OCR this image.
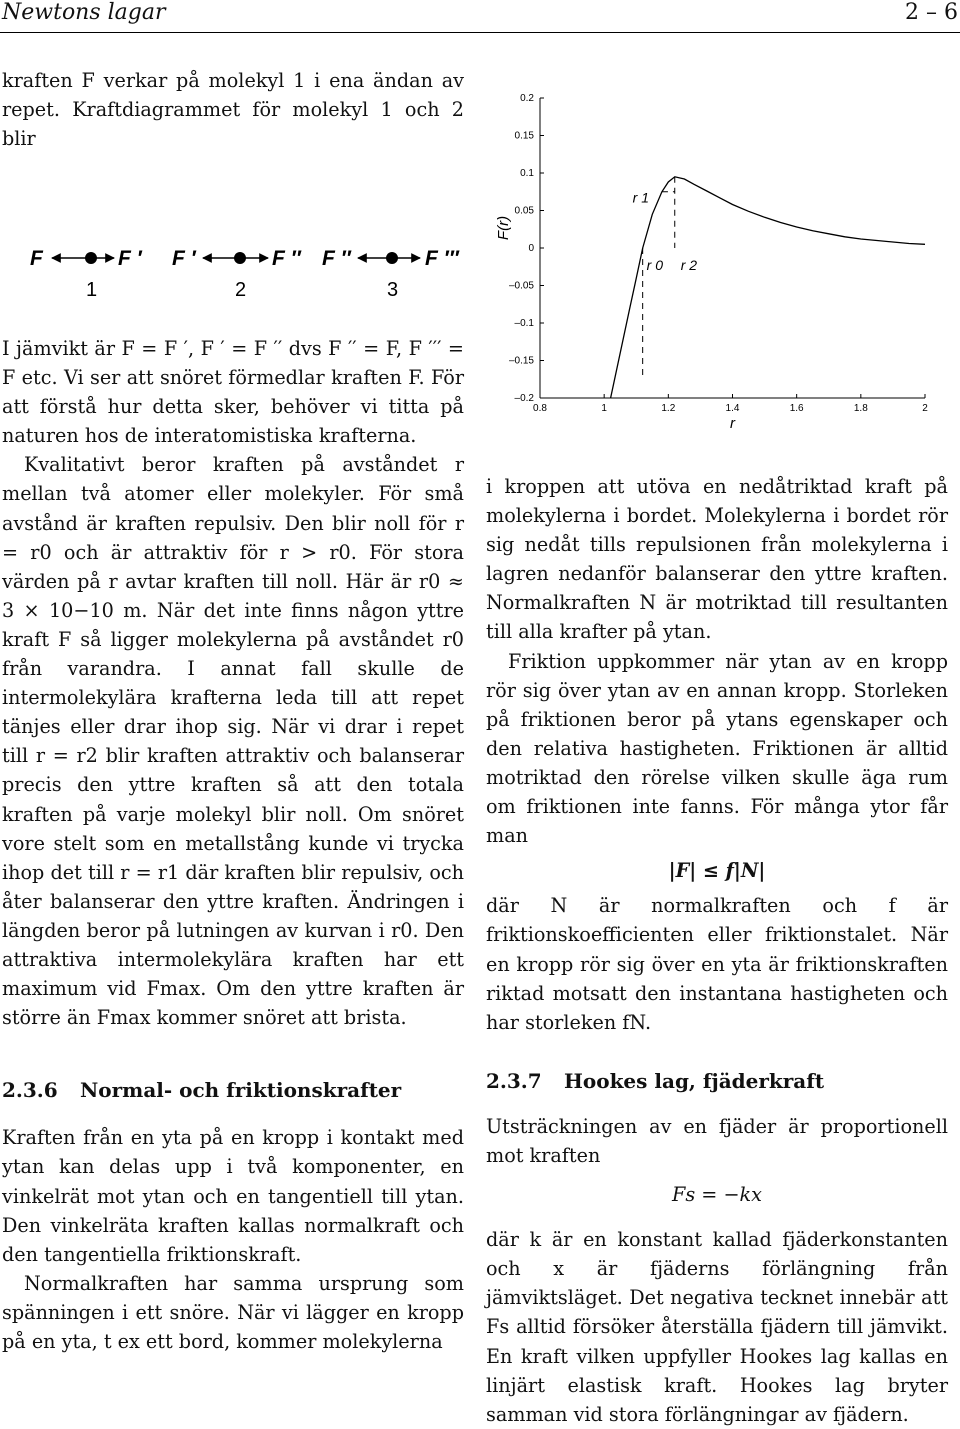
Newtons lagar	2 – 6

kraften F verkar på molekyl 1 i ena ändan av repet. Kraftdiagrammet för molekyl 1 och 2 blir

F	F ′ F ′	F ′′ F ′′	F ′′′
1	2	3

I jämvikt är F = F ′, F ′ = F ′′ dvs F ′′ = F, F ′′′ = F etc. Vi ser att snöret förmedlar kraften F. För att förstå hur detta sker, behöver vi titta på naturen hos de interatomistiska krafterna.

Kvalitativt beror kraften på avståndet r mellan två atomer eller molekyler. För små avstånd är kraften repulsiv. Den blir noll för r = r0 och är attraktiv för r > r0. För stora värden på r avtar kraften till noll. Här är r0 ≈ 3 × 10−10 m. När det inte finns någon yttre kraft F så ligger molekylerna på avståndet r0 från varandra. I annat fall skulle de intermolekylära krafterna leda till att repet tänjes eller drar ihop sig. När vi drar i repet till r = r2 blir kraften attraktiv och balanserar precis den yttre kraften så att den totala kraften på varje molekyl blir noll. Om snöret vore stelt som en metallstång kunde vi trycka ihop det till r = r1 där kraften blir repulsiv, och åter balanserar den yttre kraften. Ändringen i längden beror på lutningen av kurvan i r0. Den attraktiva intermolekylära kraften har ett maximum vid Fmax. Om den yttre kraften är större än Fmax kommer snöret att brista.

2.3.6 Normal- och friktionskrafter

Kraften från en yta på en kropp i kontakt med ytan kan delas upp i två komponenter, en vinkelrät mot ytan och en tangentiell till ytan. Den vinkelräta kraften kallas normalkraft och den tangentiella friktionskraft.

Normalkraften har samma ursprung som spänningen i ett snöre. När vi lägger en kropp på en yta, t ex ett bord, kommer molekylerna

0.2
0.15
0.1
0.05
0
–0.05
–0.1
–0.15
–0.2
0.8	1	1.2	1.4	1.6	1.8	2
r
F(r)
r 1
r 0 r 2

i kroppen att utöva en nedåtriktad kraft på molekylerna i bordet. Molekylerna i bordet rör sig nedåt tills repulsionen från molekylerna i lagren nedanför balanserar den yttre kraften. Normalkraften N är motriktad till resultanten till alla krafter på ytan.

Friktion uppkommer när ytan av en kropp rör sig över ytan av en annan kropp. Storleken på friktionen beror på ytans egenskaper och den relativa hastigheten. Friktionen är alltid motriktad den rörelse vilken skulle äga rum om friktionen inte fanns. För många ytor får man

|F| ≤ f|N|

där N är normalkraften och f är friktionskoefficienten eller friktionstalet. När en kropp rör sig över en yta är friktionskraften riktad motsatt den instantana hastigheten och har storleken fN.

2.3.7 Hookes lag, fjäderkraft

Utsträckningen av en fjäder är proportionell mot kraften

Fs = −kx

där k är en konstant kallad fjäderkonstanten och x är fjäderns förlängning från jämviktsläget. Det negativa tecknet innebär att Fs alltid försöker återställa fjädern till jämvikt. En kraft vilken uppfyller Hookes lag kallas en linjärt elastisk kraft. Hookes lag bryter samman vid stora förlängningar av fjädern.
